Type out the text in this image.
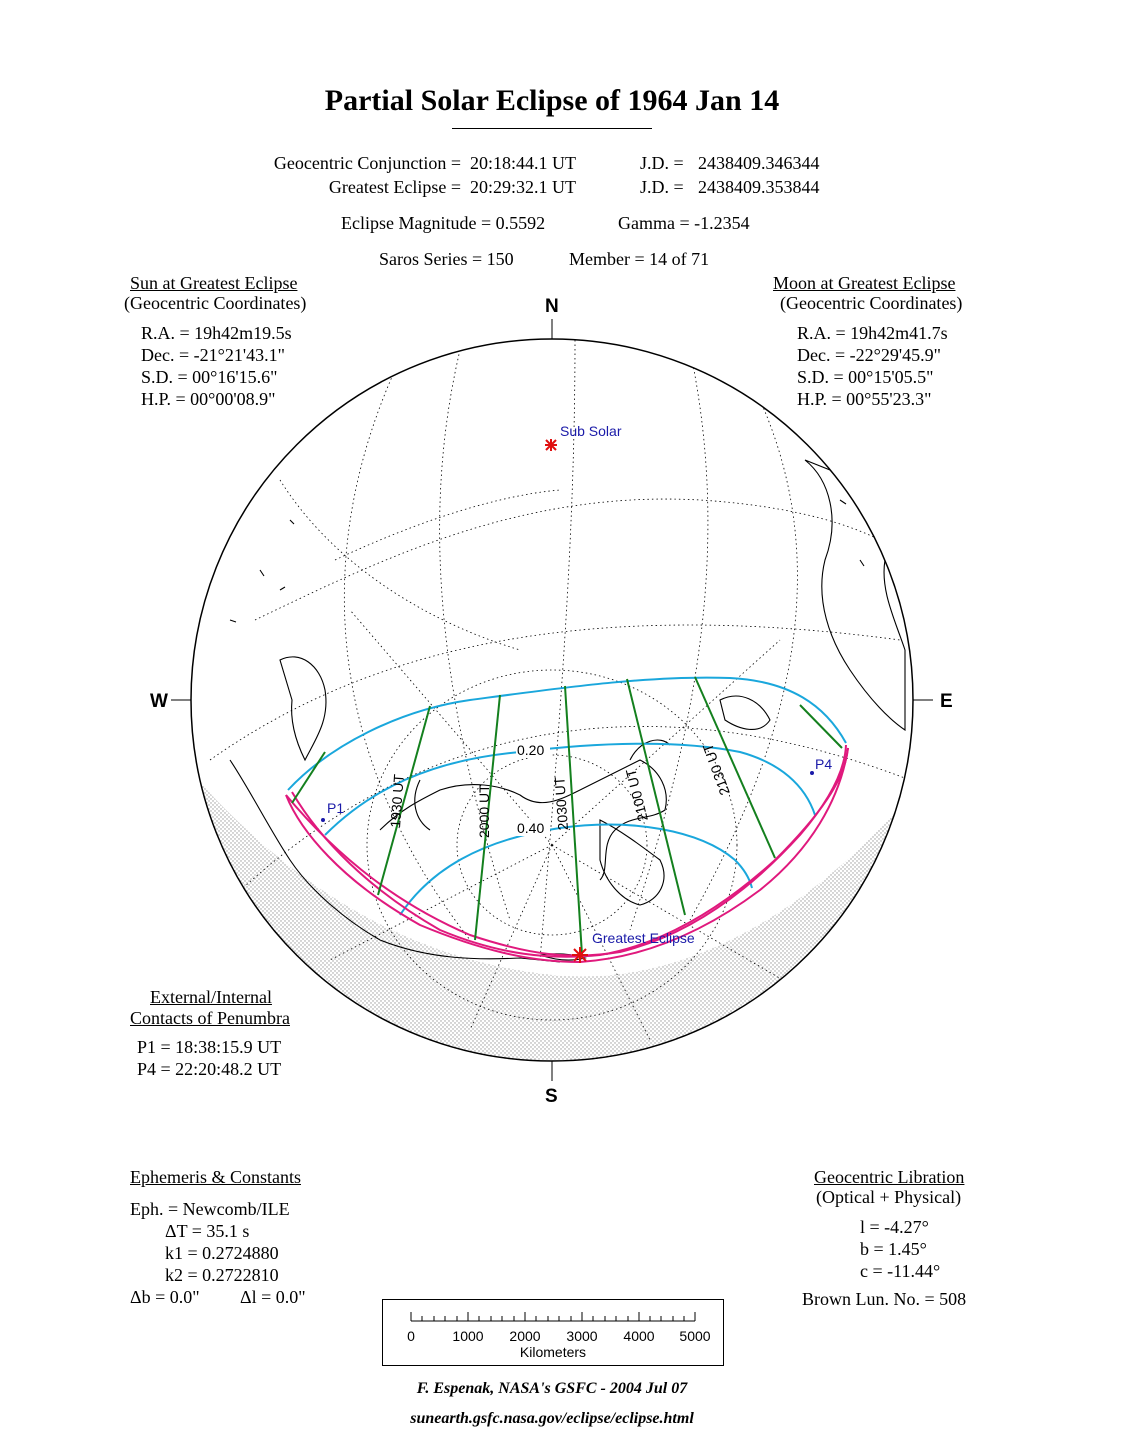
Partial Solar Eclipse of 1964 Jan 14
Geocentric Conjunction = 20:18:44.1 UT	J.D. = 2438409.346344
Greatest Eclipse = 20:29:32.1 UT	J.D. = 2438409.353844
Eclipse Magnitude = 0.5592	Gamma = -1.2354
Saros Series = 150	Member = 14 of 71
Sun at Greatest Eclipse
(Geocentric Coordinates)
R.A. = 19h42m19.5s
Dec. = -21°21'43.1"
S.D. = 00°16'15.6"
H.P. = 00°00'08.9"
Moon at Greatest Eclipse
(Geocentric Coordinates)
R.A. = 19h42m41.7s
Dec. = -22°29'45.9"
S.D. = 00°15'05.5"
H.P. = 00°55'23.3"
N
S
W	E
Sub Solar
Greatest Eclipse
P1
P4
0.20
0.40
1930 UT	2000 UT	2030 UT	2100 UT	2130 UT
External/Internal
Contacts of Penumbra
P1 = 18:38:15.9 UT
P4 = 22:20:48.2 UT
Ephemeris & Constants
Eph. = Newcomb/ILE
ΔT = 35.1 s
k1 = 0.2724880
k2 = 0.2722810
Δb = 0.0" Δl = 0.0"
Geocentric Libration
(Optical + Physical)
l = -4.27°
b = 1.45°
c = -11.44°
Brown Lun. No. = 508
0	1000 2000 3000 4000 5000
Kilometers
F. Espenak, NASA's GSFC - 2004 Jul 07
sunearth.gsfc.nasa.gov/eclipse/eclipse.html
